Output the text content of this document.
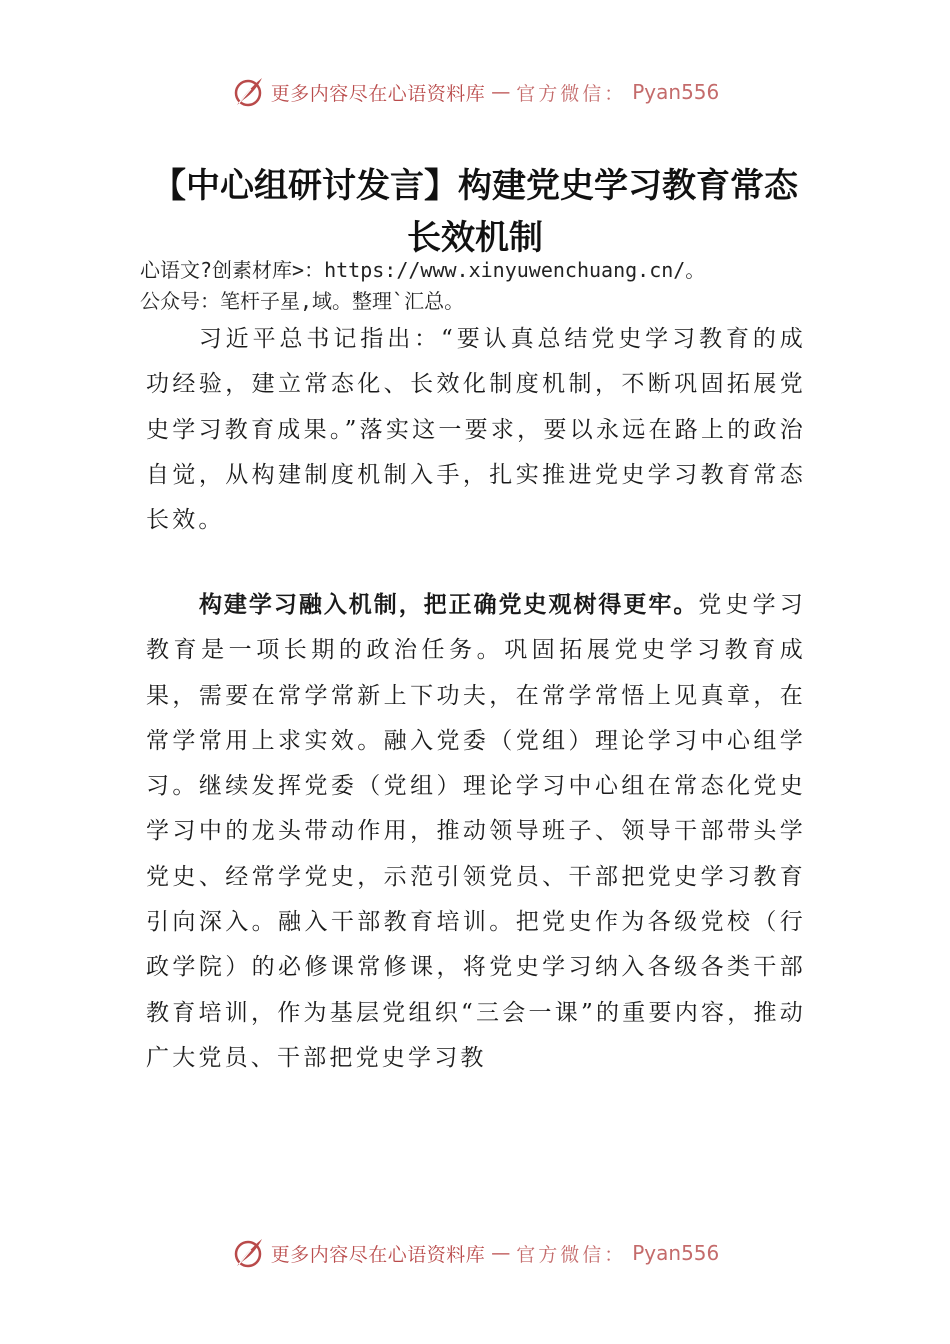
更多内容尽在心语资料库 — 官方微信： Pyan556
【中心组研讨发言】构建党史学习教育常态
长效机制
心语文?创素材库>：https://www.xinyuwenchuang.cn/。
公众号：笔杆子星,域。整理`汇总。
习近平总书记指出：“要认真总结党史学习教育的成功经验，建立常态化、长效化制度机制，不断巩固拓展党史学习教育成果。”落实这一要求，要以永远在路上的政治自觉，从构建制度机制入手，扎实推进党史学习教育常态长效。
构建学习融入机制，把正确党史观树得更牢。党史学习教育是一项长期的政治任务。巩固拓展党史学习教育成果，需要在常学常新上下功夫，在常学常悟上见真章，在常学常用上求实效。融入党委（党组）理论学习中心组学习。继续发挥党委（党组）理论学习中心组在常态化党史学习中的龙头带动作用，推动领导班子、领导干部带头学党史、经常学党史，示范引领党员、干部把党史学习教育引向深入。融入干部教育培训。把党史作为各级党校（行政学院）的必修课常修课，将党史学习纳入各级各类干部教育培训，作为基层党组织“三会一课”的重要内容，推动广大党员、干部把党史学习教
更多内容尽在心语资料库 — 官方微信： Pyan556
